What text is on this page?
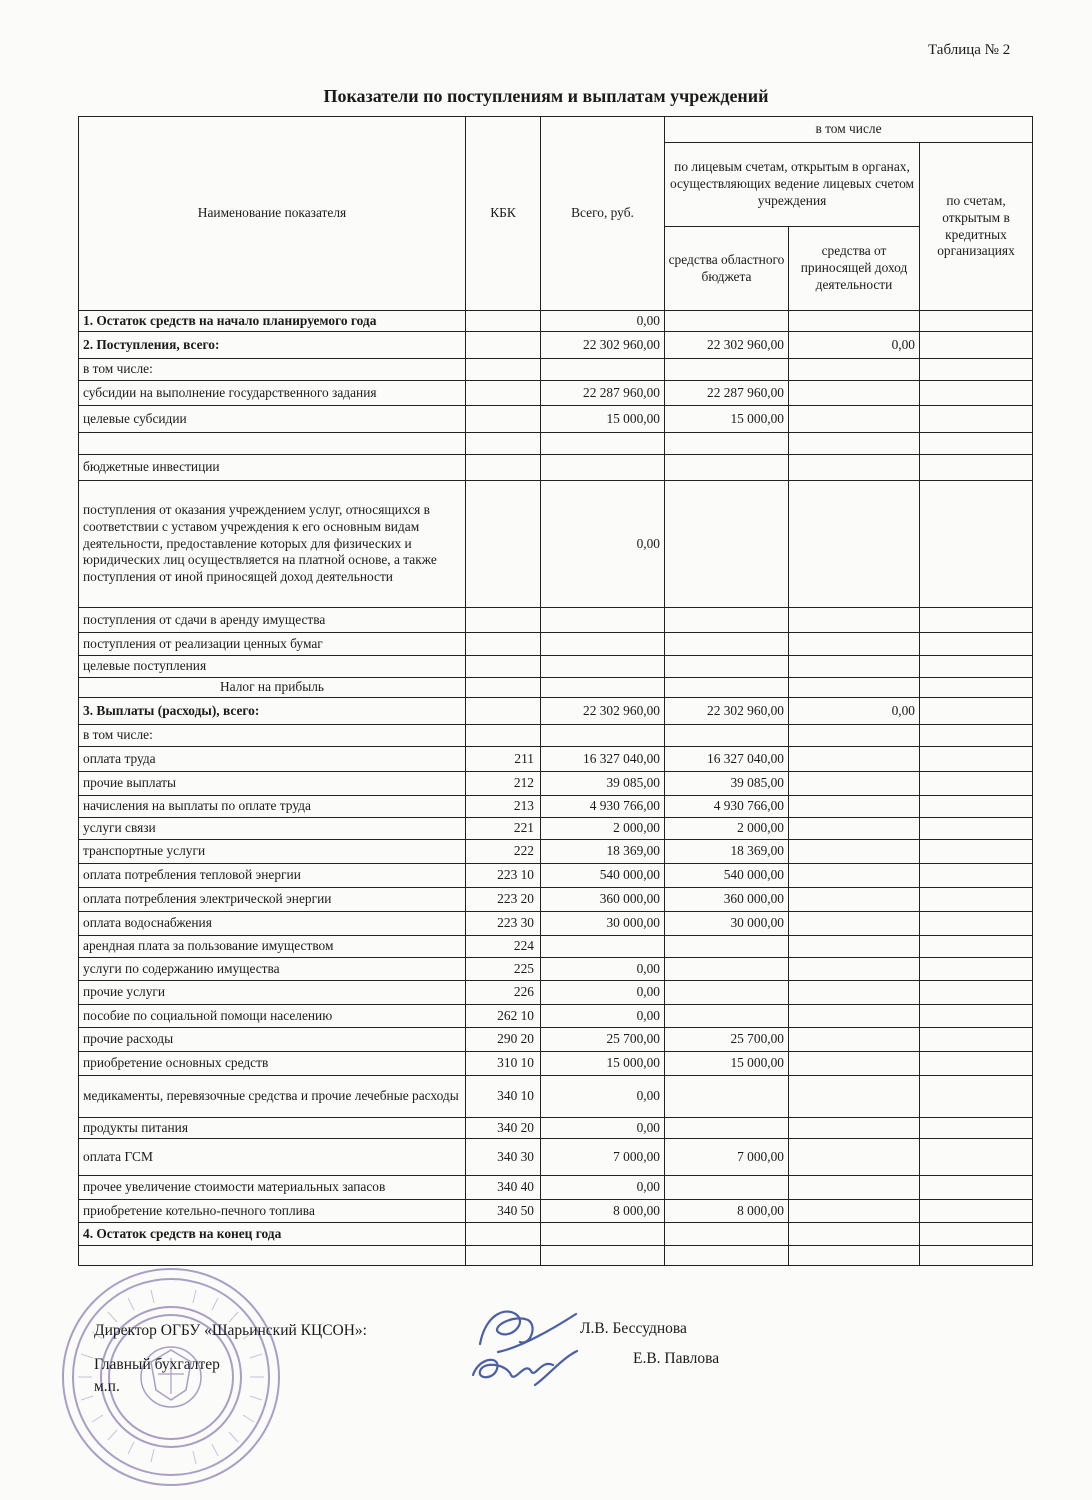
Таблица № 2
Показатели по поступлениям и выплатам учреждений
Наименование показателя	КБК	Всего, руб.	в том числе		
			по лицевым счетам, открытым в органах, осуществляющих ведение лицевых счетом учреждения		по счетам, открытым в кредитных организациях
			средства областного бюджета	средства от приносящей доход деятельности	
1. Остаток средств на начало планируемого года		0,00			
2. Поступления, всего:		22 302 960,00	22 302 960,00	0,00	
в том числе:					
субсидии на выполнение государственного задания		22 287 960,00	22 287 960,00		
целевые субсидии		15 000,00	15 000,00		

бюджетные инвестиции					
поступления от оказания учреждением услуг, относящихся в соответствии с уставом учреждения к его основным видам деятельности, предоставление которых для физических и юридических лиц осуществляется на платной основе, а также поступления от иной приносящей доход деятельности		0,00			
поступления от сдачи в аренду имущества					
поступления от реализации ценных бумаг					
целевые поступления					
Налог на прибыль					
3. Выплаты (расходы), всего:		22 302 960,00	22 302 960,00	0,00	
в том числе:					
оплата труда	211	16 327 040,00	16 327 040,00		
прочие выплаты	212	39 085,00	39 085,00		
начисления на выплаты по оплате труда	213	4 930 766,00	4 930 766,00		
услуги связи	221	2 000,00	2 000,00		
транспортные услуги	222	18 369,00	18 369,00		
оплата потребления тепловой энергии	223 10	540 000,00	540 000,00		
оплата потребления электрической энергии	223 20	360 000,00	360 000,00		
оплата водоснабжения	223 30	30 000,00	30 000,00		
арендная плата за пользование имуществом	224				
услуги по содержанию имущества	225	0,00			
прочие услуги	226	0,00			
пособие по социальной помощи населению	262 10	0,00			
прочие расходы	290 20	25 700,00	25 700,00		
приобретение основных средств	310 10	15 000,00	15 000,00		
медикаменты, перевязочные средства и прочие лечебные расходы	340 10	0,00			
продукты питания	340 20	0,00			
оплата ГСМ	340 30	7 000,00	7 000,00		
прочее увеличение стоимости материальных запасов	340 40	0,00			
приобретение котельно-печного топлива	340 50	8 000,00	8 000,00		
4. Остаток средств на конец года					

Директор ОГБУ «Шарьинский КЦСОН»:	Л.В. Бессуднова
Главный бухгалтер	Е.В. Павлова
м.п.
